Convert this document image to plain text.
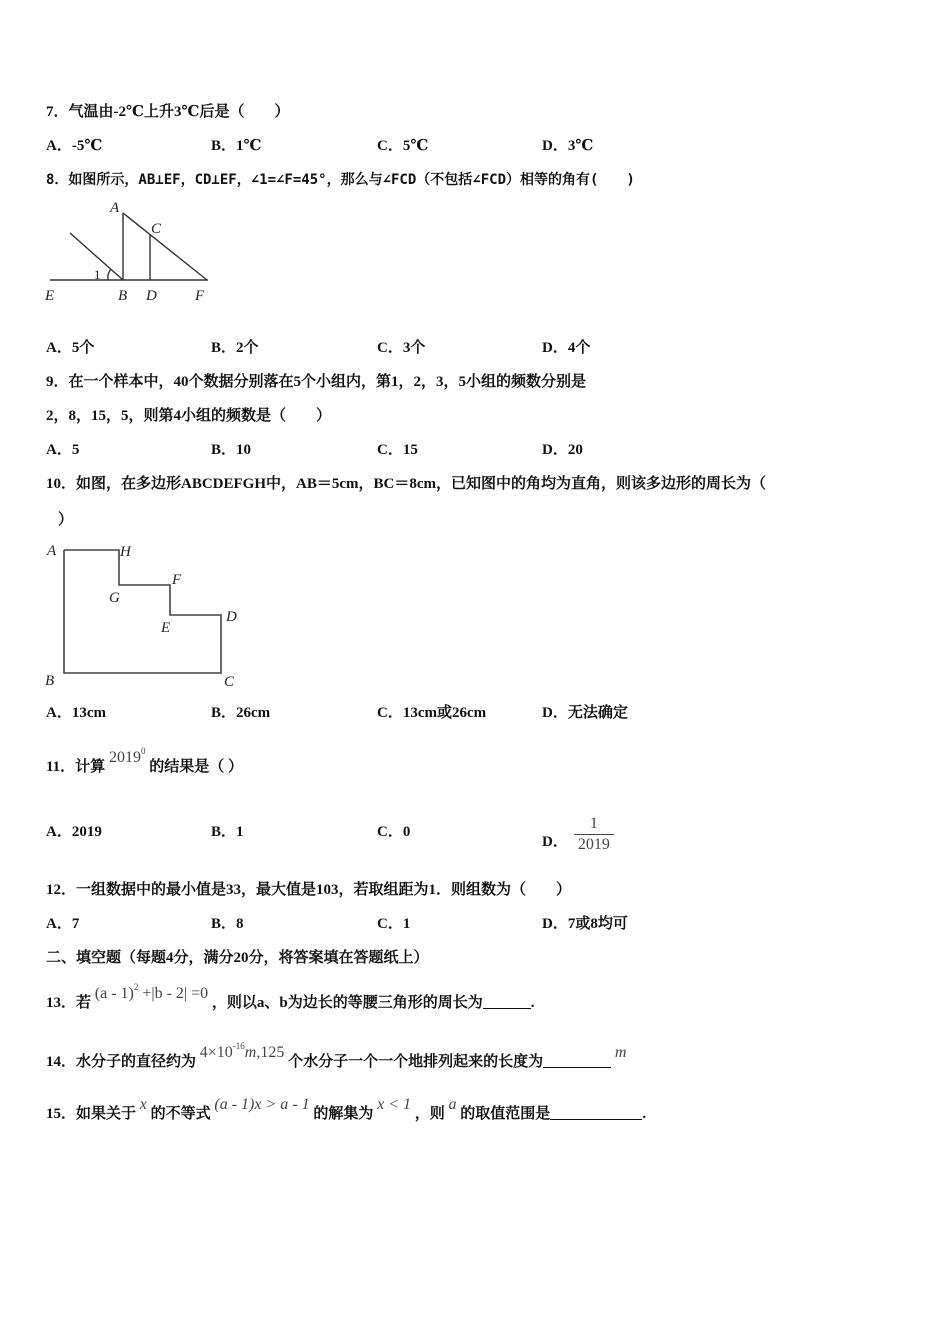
7．气温由-2℃上升3℃后是（　　）
A．-5℃	B．1℃	C．5℃	D．3℃
8．如图所示，AB⊥EF，CD⊥EF，∠1=∠F=45°，那么与∠FCD（不包括∠FCD）相等的角有(　　)
A
C
1
E	B D	F
A．5个	B．2个	C．3个	D．4个
9．在一个样本中，40个数据分别落在5个小组内，第1，2，3，5小组的频数分别是
2，8，15，5，则第4小组的频数是（　　）
A．5	B．10	C．15	D．20
10．如图，在多边形ABCDEFGH中，AB＝5cm，BC＝8cm，已知图中的角均为直角，则该多边形的周长为（
）
A	H
G
F
E
D
B	C
A．13cm	B．26cm	C．13cm或26cm	D．无法确定
11．计算 2019$^0$ 的结果是（ ）
A．2019	B．1	C．0
D． $\frac{1}{2019}$
12．一组数据中的最小值是33，最大值是103，若取组距为1．则组数为（　　）
A．7	B．8	C．1	D．7或8均可
二、填空题（每题4分，满分20分，将答案填在答题纸上）
13．若 (a - 1)$^2$ +|b - 2| =0 ，则以a、b为边长的等腰三角形的周长为	.
14．水分子的直径约为 $4\times 10^{-16}m,125$ 个水分子一个一个地排列起来的长度为 m
15．如果关于 x 的不等式 (a - 1)x > a - 1 的解集为 x < 1 ，则 a 的取值范围是	.
